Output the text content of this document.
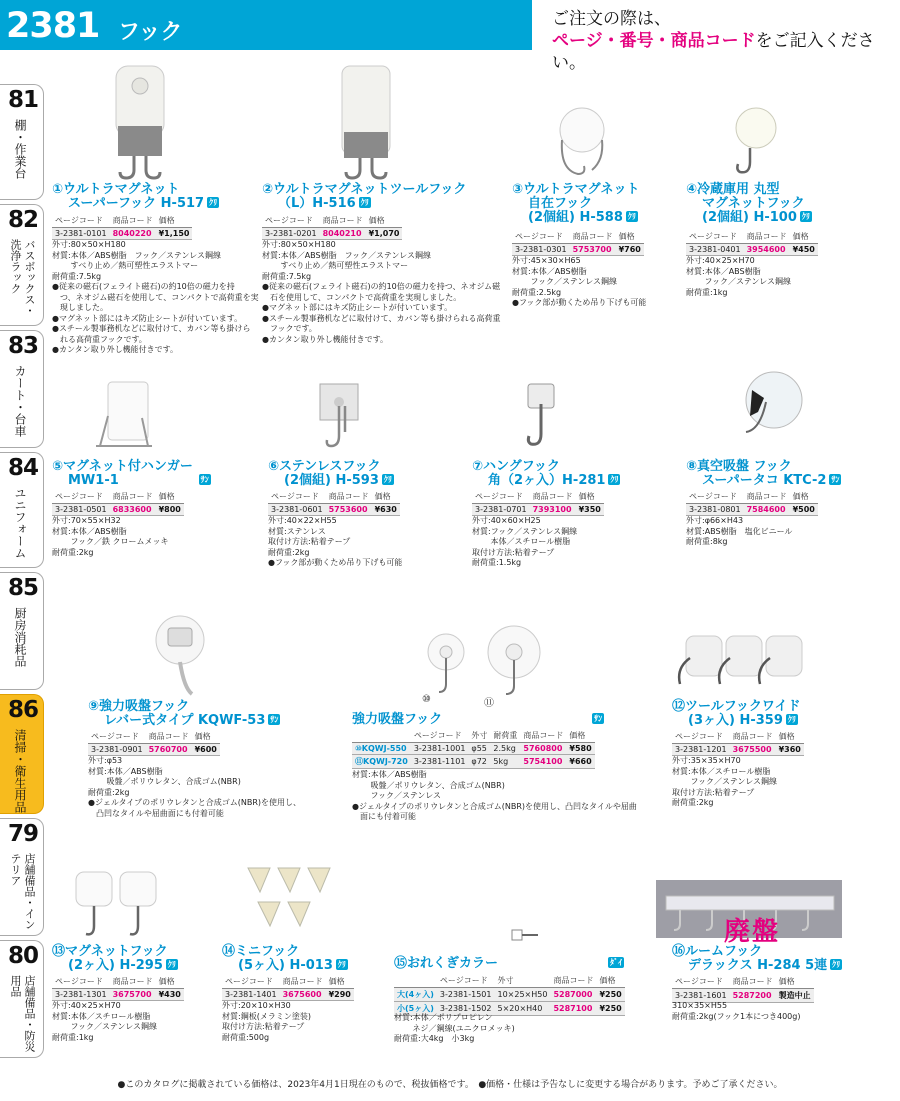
2381 フック
ご注文の際は、
ページ・番号・商品コードをご記入ください。
81
棚・作業台
82
バスボックス・洗浄ラック
83
カート・台車
84
ユニフォーム
85
厨房消耗品
86
清掃・衛生用品
79
店舗備品・インテリア
80
店舗備品・防災用品
⑩	⑪
廃盤
①ウルトラマグネット
スーパーフック H-517 ｸﾘ
ページコード	商品コード	価格
3-2381-0101	8040220	¥1,150
外寸:80×50×H180
材質:本体／ABS樹脂　フック／ステンレス鋼線
　　 すべり止め／熱可塑性エラストマー
耐荷重:7.5kg
●従来の磁石(フェライト磁石)の約10倍の磁力を持
　つ、ネオジム磁石を使用して、コンパクトで高荷重を実
　現しました。
●マグネット部にはキズ防止シートが付いています。
●スチール製事務机などに取付けて、カバン等も掛けら
　れる高荷重フックです。
●カンタン取り外し機能付きです。
②ウルトラマグネットツールフック
（L）H-516 ｸﾘ
ページコード	商品コード	価格
3-2381-0201	8040210	¥1,070
外寸:80×50×H180
材質:本体／ABS樹脂　フック／ステンレス鋼線
　　 すべり止め／熱可塑性エラストマー
耐荷重:7.5kg
●従来の磁石(フェライト磁石)の約10倍の磁力を持つ、ネオジム磁
　石を使用して、コンパクトで高荷重を実現しました。
●マグネット部にはキズ防止シートが付いています。
●スチール製事務机などに取付けて、カバン等も掛けられる高荷重
　フックです。
●カンタン取り外し機能付きです。
③ウルトラマグネット
自在フック
(2個組) H-588 ｸﾘ
ページコード	商品コード	価格
3-2381-0301	5753700	¥760
外寸:45×30×H65
材質:本体／ABS樹脂
　　 フック／ステンレス鋼線
耐荷重:2.5kg
●フック部が動くため吊り下げも可能
④冷蔵庫用 丸型
マグネットフック
(2個組) H-100 ｸﾘ
ページコード	商品コード	価格
3-2381-0401	3954600	¥450
外寸:40×25×H70
材質:本体／ABS樹脂
　　 フック／ステンレス鋼線
耐荷重:1kg
⑤マグネット付ハンガー
MW1-1	ｻﾝ
ページコード	商品コード	価格
3-2381-0501	6833600	¥800
外寸:70×55×H32
材質:本体／ABS樹脂
　　 フック／鉄 クロームメッキ
耐荷重:2kg
⑥ステンレスフック
(2個組) H-593 ｸﾘ
ページコード	商品コード	価格
3-2381-0601	5753600	¥630
外寸:40×22×H55
材質:ステンレス
取付け方法:粘着テープ
耐荷重:2kg
●フック部が動くため吊り下げも可能
⑦ハングフック
角（2ヶ入）H-281 ｸﾘ
ページコード	商品コード	価格
3-2381-0701	7393100	¥350
外寸:40×60×H25
材質:フック／ステンレス鋼線
　　 本体／スチロール樹脂
取付け方法:粘着テープ
耐荷重:1.5kg
⑧真空吸盤 フック
スーパータコ KTC-2 ｻﾝ
ページコード	商品コード	価格
3-2381-0801	7584600	¥500
外寸:φ66×H43
材質:ABS樹脂　塩化ビニール
耐荷重:8kg
⑨強力吸盤フック
レバー式タイプ KQWF-53 ｻﾝ
ページコード	商品コード	価格
3-2381-0901	5760700	¥600
外寸:φ53
材質:本体／ABS樹脂
　　 吸盤／ポリウレタン、合成ゴム(NBR)
耐荷重:2kg
●ジェルタイプのポリウレタンと合成ゴム(NBR)を使用し、
　凸凹なタイルや屈曲面にも付着可能
強力吸盤フック	ｻﾝ
	ページコード	外寸	耐荷重	商品コード	価格
⑩KQWJ-550	3-2381-1001	φ55	2.5kg	5760800	¥580
⑪KQWJ-720	3-2381-1101	φ72	5kg	5754100	¥660
材質:本体／ABS樹脂
　　 吸盤／ポリウレタン、合成ゴム(NBR)
　　 フック／ステンレス
●ジェルタイプのポリウレタンと合成ゴム(NBR)を使用し、凸凹なタイルや屈曲
　面にも付着可能
⑫ツールフックワイド
(3ヶ入) H-359 ｸﾘ
ページコード	商品コード	価格
3-2381-1201	3675500	¥360
外寸:35×35×H70
材質:本体／スチロール樹脂
　　 フック／ステンレス鋼線
取付け方法:粘着テープ
耐荷重:2kg
⑬マグネットフック
(2ヶ入) H-295 ｸﾘ
ページコード	商品コード	価格
3-2381-1301	3675700	¥430
外寸:40×25×H70
材質:本体／スチロール樹脂
　　 フック／ステンレス鋼線
耐荷重:1kg
⑭ミニフック
(5ヶ入) H-013 ｸﾘ
ページコード	商品コード	価格
3-2381-1401	3675600	¥290
外寸:20×10×H30
材質:鋼板(メラミン塗装)
取付け方法:粘着テープ
耐荷重:500g
⑮おれくぎカラー	ﾀﾞｲ
	ページコード	外寸	商品コード	価格
大(4ヶ入)	3-2381-1501	10×25×H50	5287000	¥250
小(5ヶ入)	3-2381-1502	5×20×H40	5287100	¥250
材質:本体／ポリプロピレン
　　 ネジ／鋼線(ユニクロメッキ)
耐荷重:大4kg　小3kg
⑯ルームフック
デラックス H-284 5連 ｸﾘ
ページコード	商品コード	価格
3-2381-1601	5287200	製造中止
310×35×H55
耐荷重:2kg(フック1本につき400g)
●このカタログに掲載されている価格は、2023年4月1日現在のもので、税抜価格です。　●価格・仕様は予告なしに変更する場合があります。予めご了承ください。
